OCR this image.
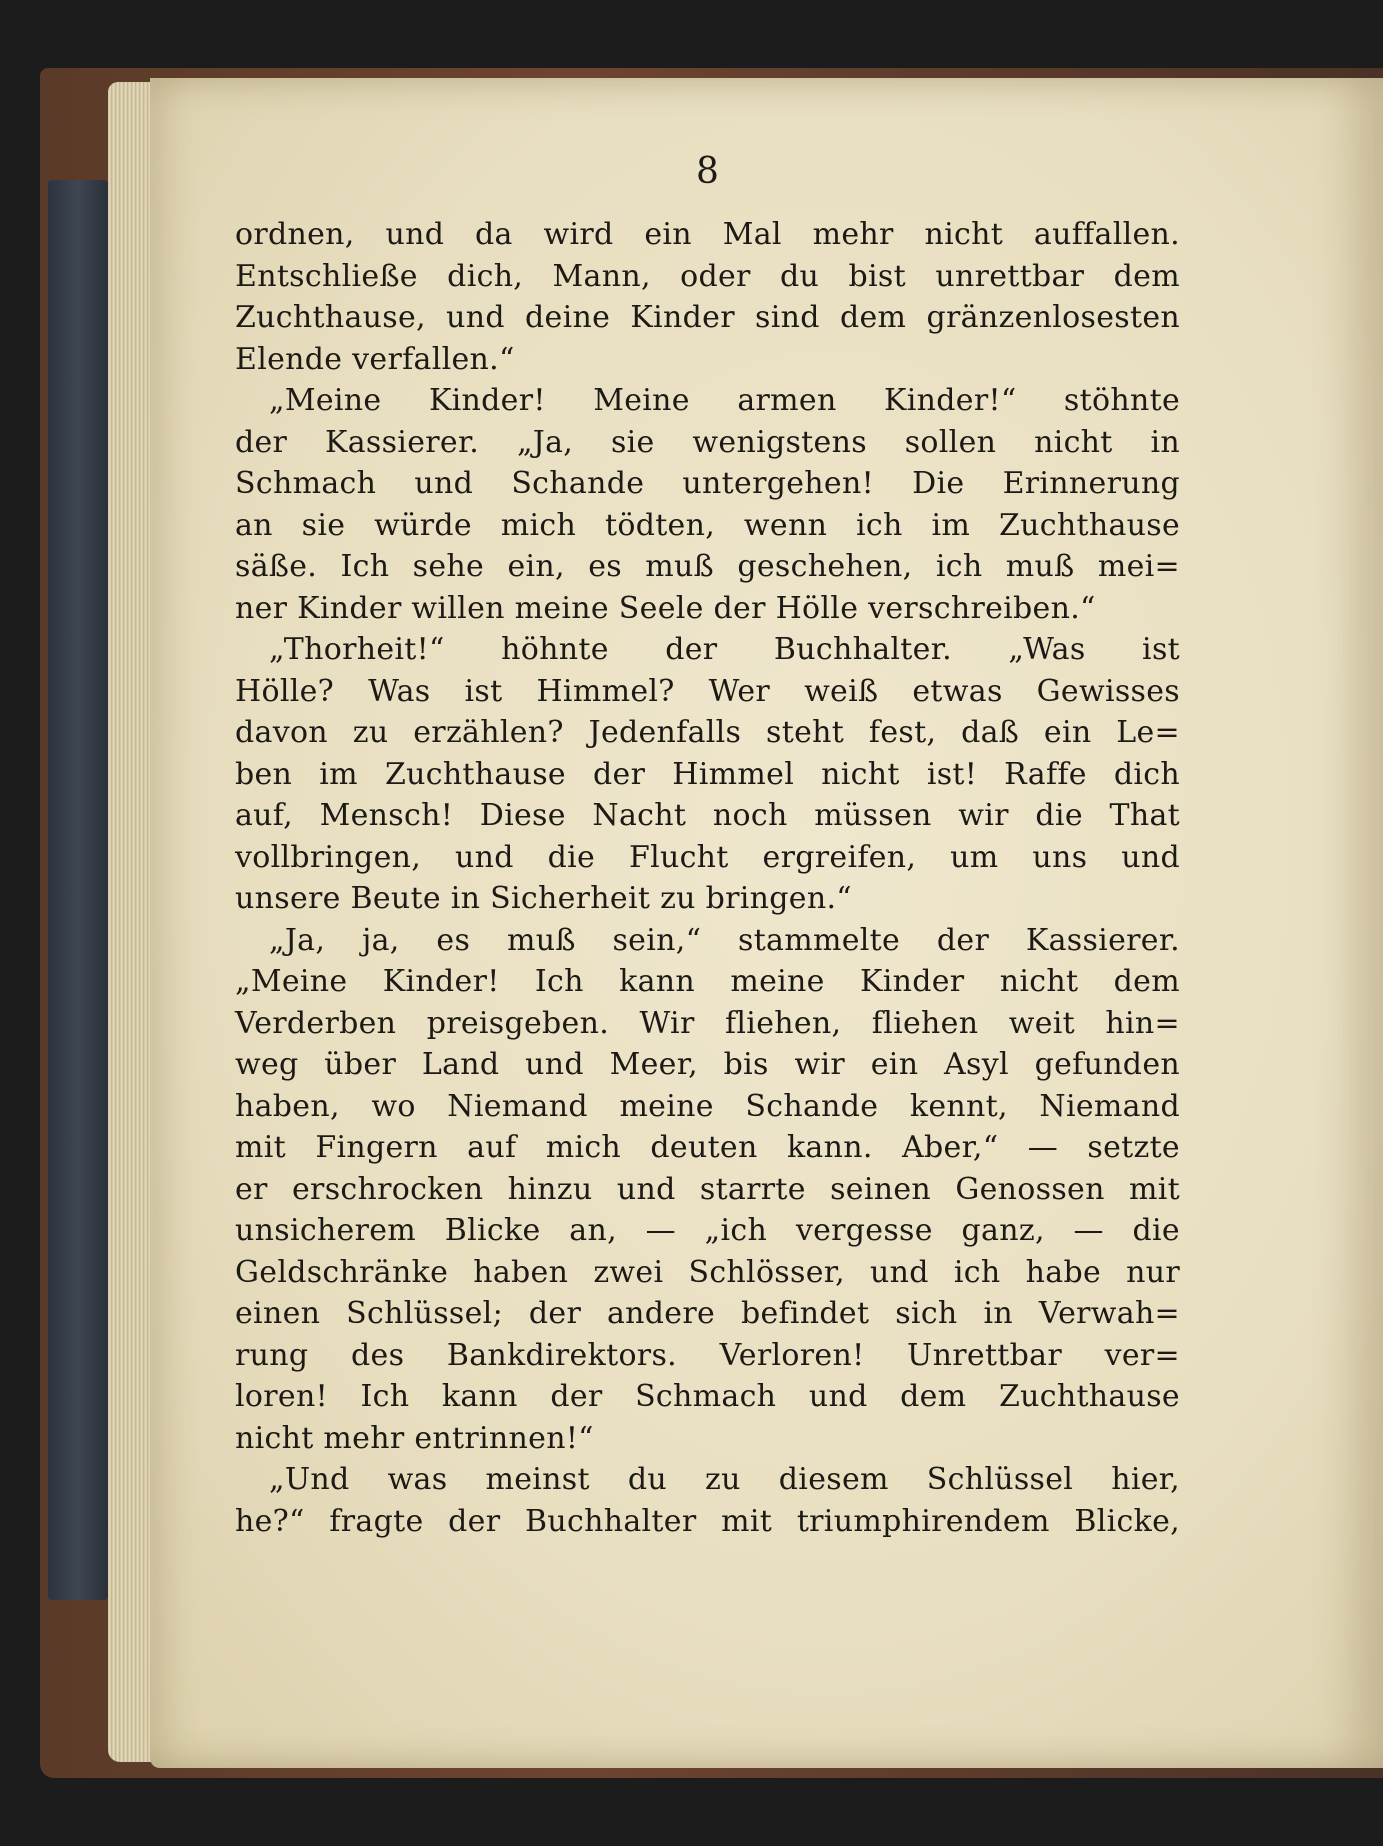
8
ordnen, und da wird ein Mal mehr nicht auffallen.
Entschließe dich, Mann, oder du bist unrettbar dem
Zuchthause, und deine Kinder sind dem gränzenlosesten
Elende verfallen.“
„Meine Kinder! Meine armen Kinder!“ stöhnte
der Kassierer. „Ja, sie wenigstens sollen nicht in
Schmach und Schande untergehen! Die Erinnerung
an sie würde mich tödten, wenn ich im Zuchthause
säße. Ich sehe ein, es muß geschehen, ich muß mei=
ner Kinder willen meine Seele der Hölle verschreiben.“
„Thorheit!“ höhnte der Buchhalter. „Was ist
Hölle? Was ist Himmel? Wer weiß etwas Gewisses
davon zu erzählen? Jedenfalls steht fest, daß ein Le=
ben im Zuchthause der Himmel nicht ist! Raffe dich
auf, Mensch! Diese Nacht noch müssen wir die That
vollbringen, und die Flucht ergreifen, um uns und
unsere Beute in Sicherheit zu bringen.“
„Ja, ja, es muß sein,“ stammelte der Kassierer.
„Meine Kinder! Ich kann meine Kinder nicht dem
Verderben preisgeben. Wir fliehen, fliehen weit hin=
weg über Land und Meer, bis wir ein Asyl gefunden
haben, wo Niemand meine Schande kennt, Niemand
mit Fingern auf mich deuten kann. Aber,“ — setzte
er erschrocken hinzu und starrte seinen Genossen mit
unsicherem Blicke an, — „ich vergesse ganz, — die
Geldschränke haben zwei Schlösser, und ich habe nur
einen Schlüssel; der andere befindet sich in Verwah=
rung des Bankdirektors. Verloren! Unrettbar ver=
loren! Ich kann der Schmach und dem Zuchthause
nicht mehr entrinnen!“
„Und was meinst du zu diesem Schlüssel hier,
he?“ fragte der Buchhalter mit triumphirendem Blicke,
